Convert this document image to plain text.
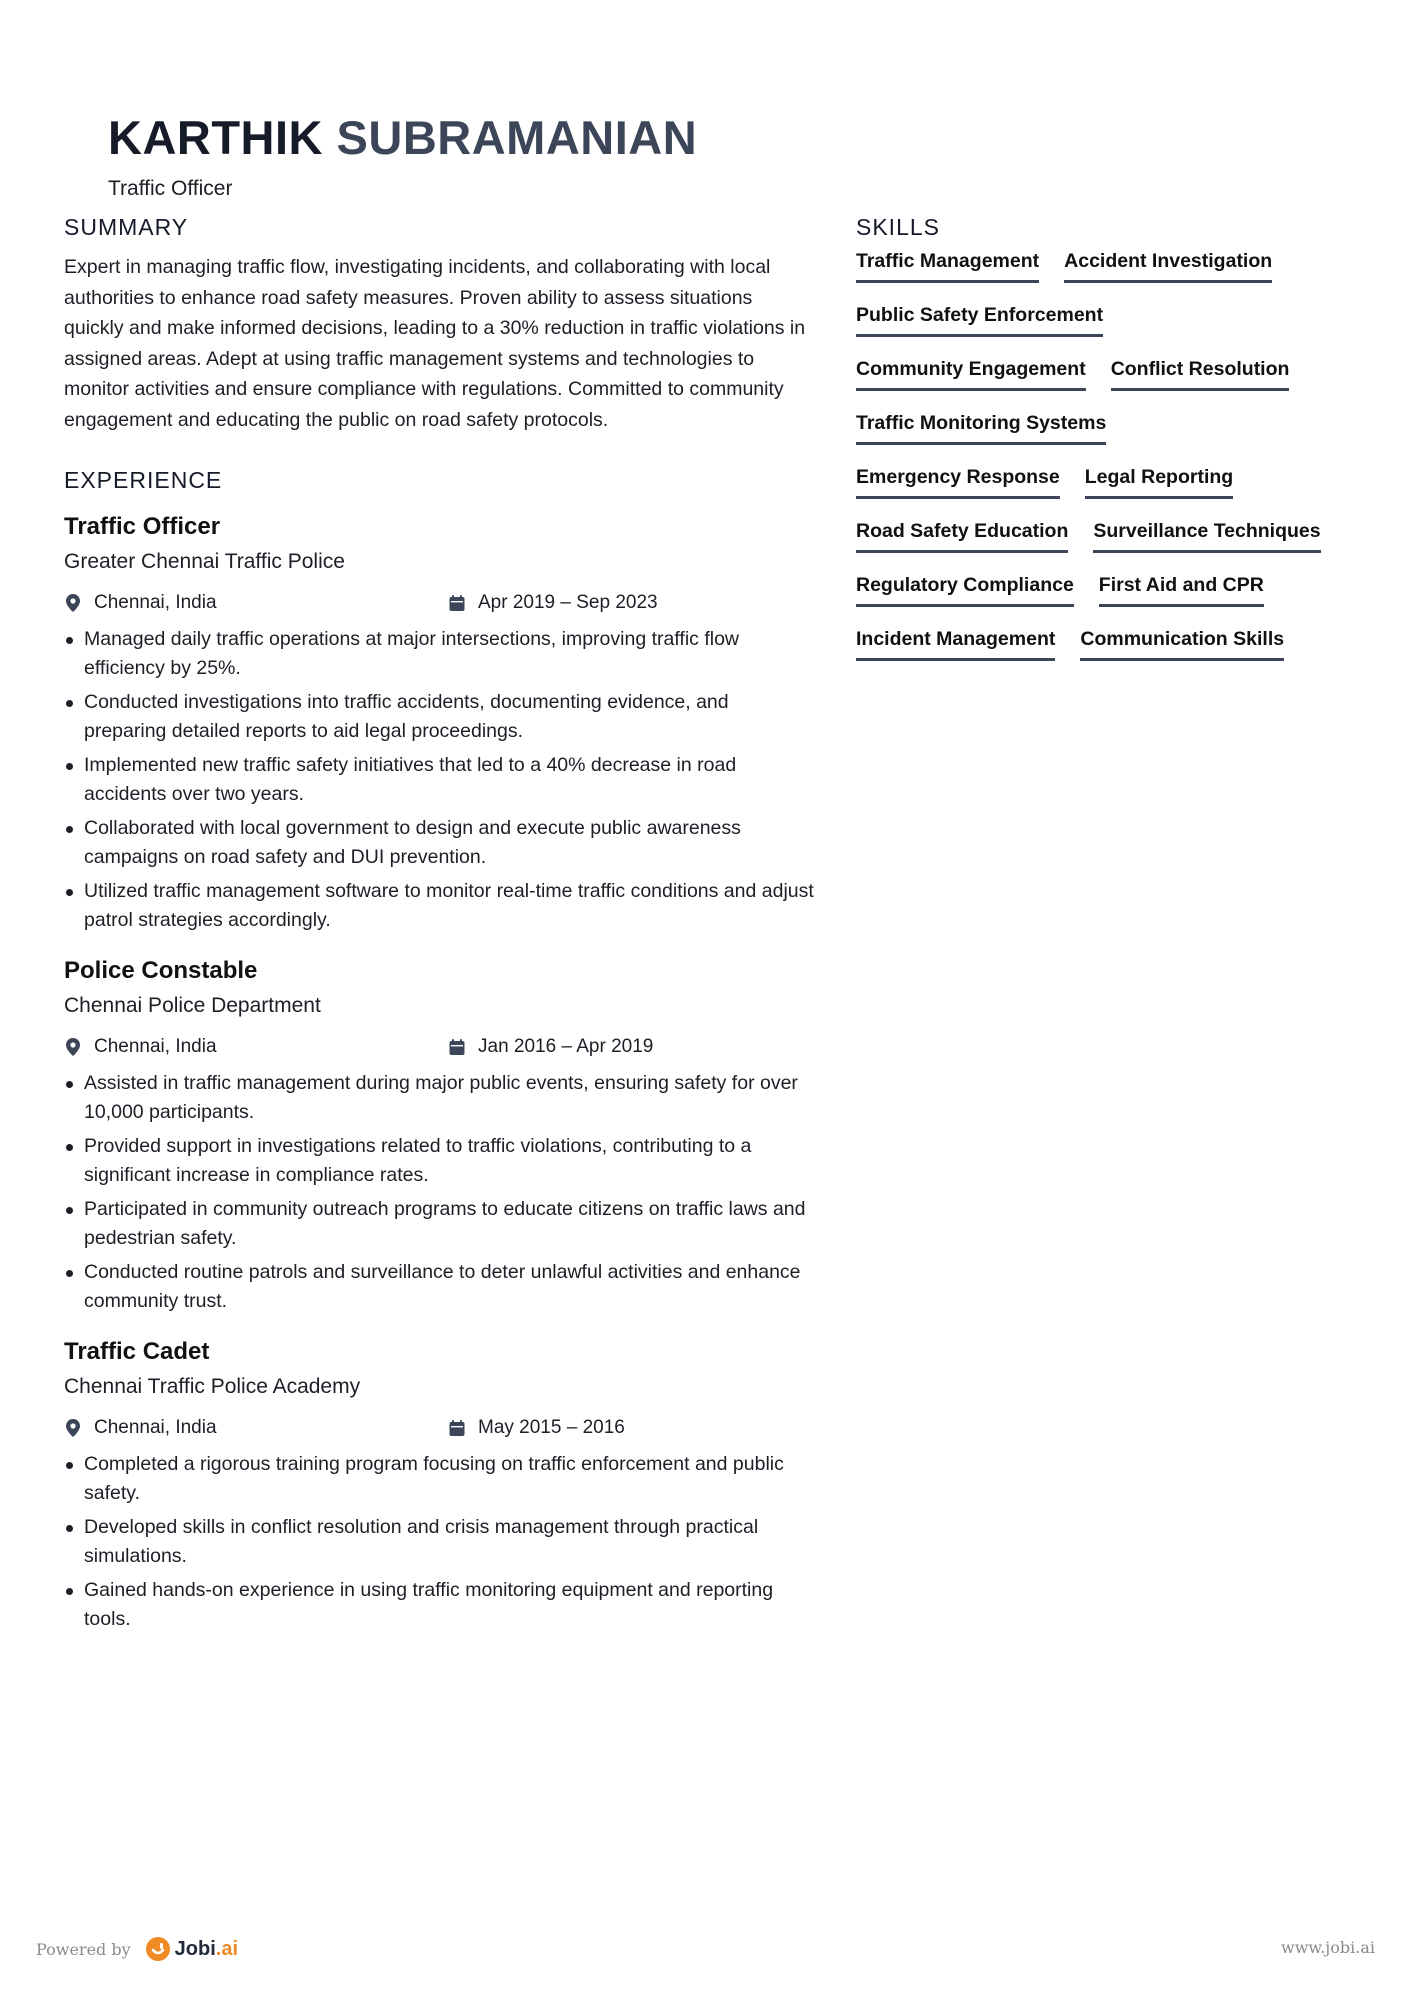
KARTHIK SUBRAMANIAN
Traffic Officer
SUMMARY

Expert in managing traffic flow, investigating incidents, and collaborating with local authorities to enhance road safety measures. Proven ability to assess situations quickly and make informed decisions, leading to a 30% reduction in traffic violations in assigned areas. Adept at using traffic management systems and technologies to monitor activities and ensure compliance with regulations. Committed to community engagement and educating the public on road safety protocols.

EXPERIENCE
Traffic Officer
Greater Chennai Traffic Police
Chennai, India	Apr 2019 – Sep 2023
Managed daily traffic operations at major intersections, improving traffic flow efficiency by 25%.
Conducted investigations into traffic accidents, documenting evidence, and preparing detailed reports to aid legal proceedings.
Implemented new traffic safety initiatives that led to a 40% decrease in road accidents over two years.
Collaborated with local government to design and execute public awareness campaigns on road safety and DUI prevention.
Utilized traffic management software to monitor real-time traffic conditions and adjust patrol strategies accordingly.
Police Constable
Chennai Police Department
Chennai, India	Jan 2016 – Apr 2019
Assisted in traffic management during major public events, ensuring safety for over 10,000 participants.
Provided support in investigations related to traffic violations, contributing to a significant increase in compliance rates.
Participated in community outreach programs to educate citizens on traffic laws and pedestrian safety.
Conducted routine patrols and surveillance to deter unlawful activities and enhance community trust.
Traffic Cadet
Chennai Traffic Police Academy
Chennai, India	May 2015 – 2016
Completed a rigorous training program focusing on traffic enforcement and public safety.
Developed skills in conflict resolution and crisis management through practical simulations.
Gained hands-on experience in using traffic monitoring equipment and reporting tools.
SKILLS
Traffic Management Accident Investigation
Public Safety Enforcement
Community Engagement Conflict Resolution
Traffic Monitoring Systems
Emergency Response Legal Reporting
Road Safety Education Surveillance Techniques
Regulatory Compliance First Aid and CPR
Incident Management Communication Skills
Powered by Jobi .ai	www.jobi.ai
